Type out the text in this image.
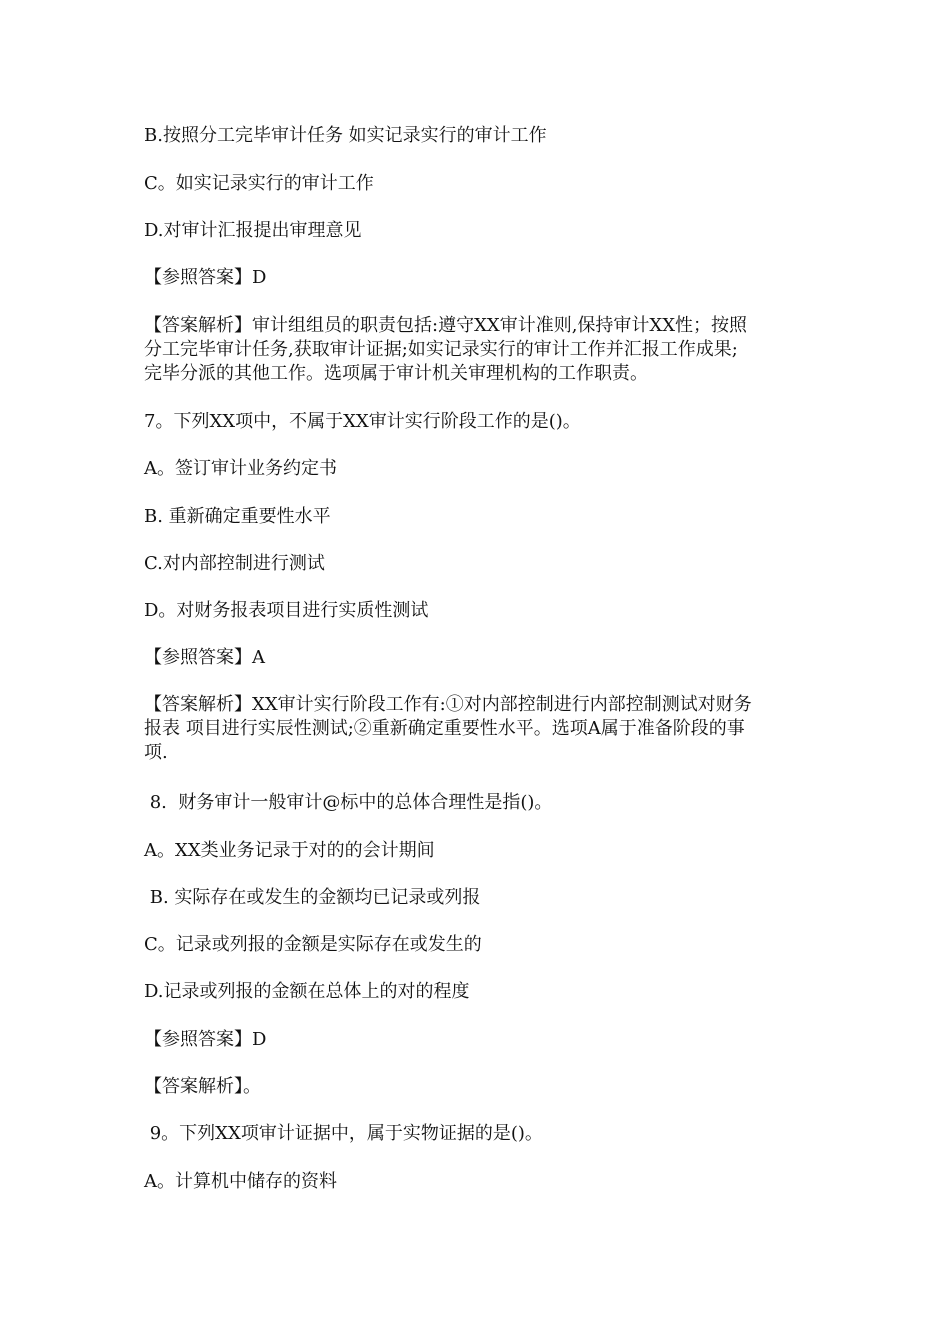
B.按照分工完毕审计任务 如实记录实行的审计工作

C。如实记录实行的审计工作

D.对审计汇报提出审理意见

【参照答案】D

【答案解析】审计组组员的职责包括:遵守XX审计准则,保持审计XX性；按照
分工完毕审计任务,获取审计证据;如实记录实行的审计工作并汇报工作成果;
完毕分派的其他工作。选项属于审计机关审理机构的工作职责。

7。下列XX项中，不属于XX审计实行阶段工作的是()。

A。签订审计业务约定书

B. 重新确定重要性水平

C.对内部控制进行测试

D。对财务报表项目进行实质性测试

【参照答案】A

【答案解析】XX审计实行阶段工作有:①对内部控制进行内部控制测试对财务
报表 项目进行实辰性测试;②重新确定重要性水平。选项A属于准备阶段的事
项.

8.  财务审计一般审计@标中的总体合理性是指()。

A。XX类业务记录于对的的会计期间

B. 实际存在或发生的金额均已记录或列报

C。记录或列报的金额是实际存在或发生的

D.记录或列报的金额在总体上的对的程度

【参照答案】D

【答案解析】。

9。下列XX项审计证据中，属于实物证据的是()。

A。计算机中储存的资料
